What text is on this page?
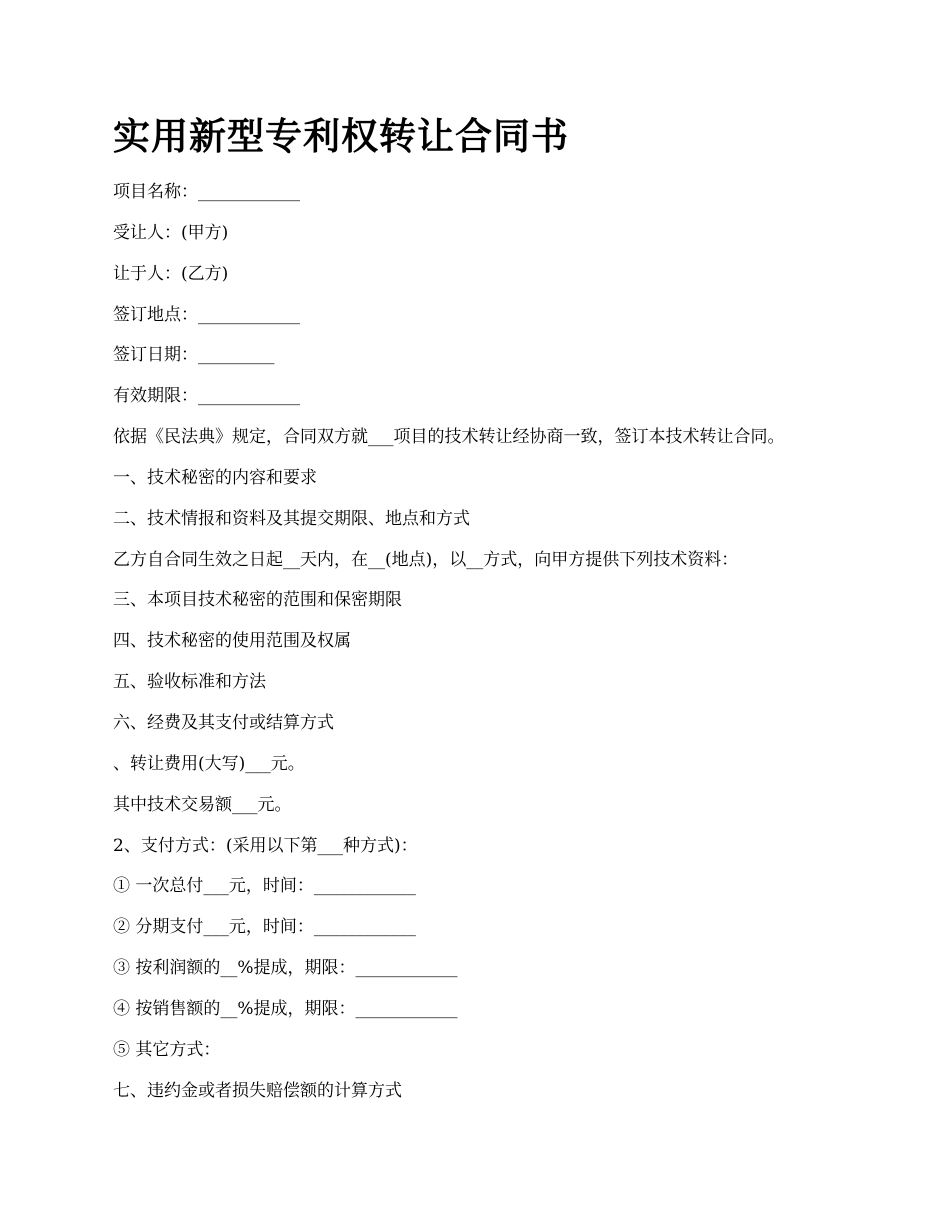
实用新型专利权转让合同书
项目名称：____________
受让人：(甲方)
让于人：(乙方)
签订地点：____________
签订日期：_________
有效期限：____________
依据《民法典》规定，合同双方就___项目的技术转让经协商一致，签订本技术转让合同。
一、技术秘密的内容和要求
二、技术情报和资料及其提交期限、地点和方式
乙方自合同生效之日起__天内，在__(地点)，以__方式，向甲方提供下列技术资料：
三、本项目技术秘密的范围和保密期限
四、技术秘密的使用范围及权属
五、验收标准和方法
六、经费及其支付或结算方式
、转让费用(大写)___元。
其中技术交易额___元。
2、支付方式：(采用以下第___种方式)：
① 一次总付___元，时间：____________
② 分期支付___元，时间：____________
③ 按利润额的__%提成，期限：____________
④ 按销售额的__%提成，期限：____________
⑤ 其它方式：
七、违约金或者损失赔偿额的计算方式
